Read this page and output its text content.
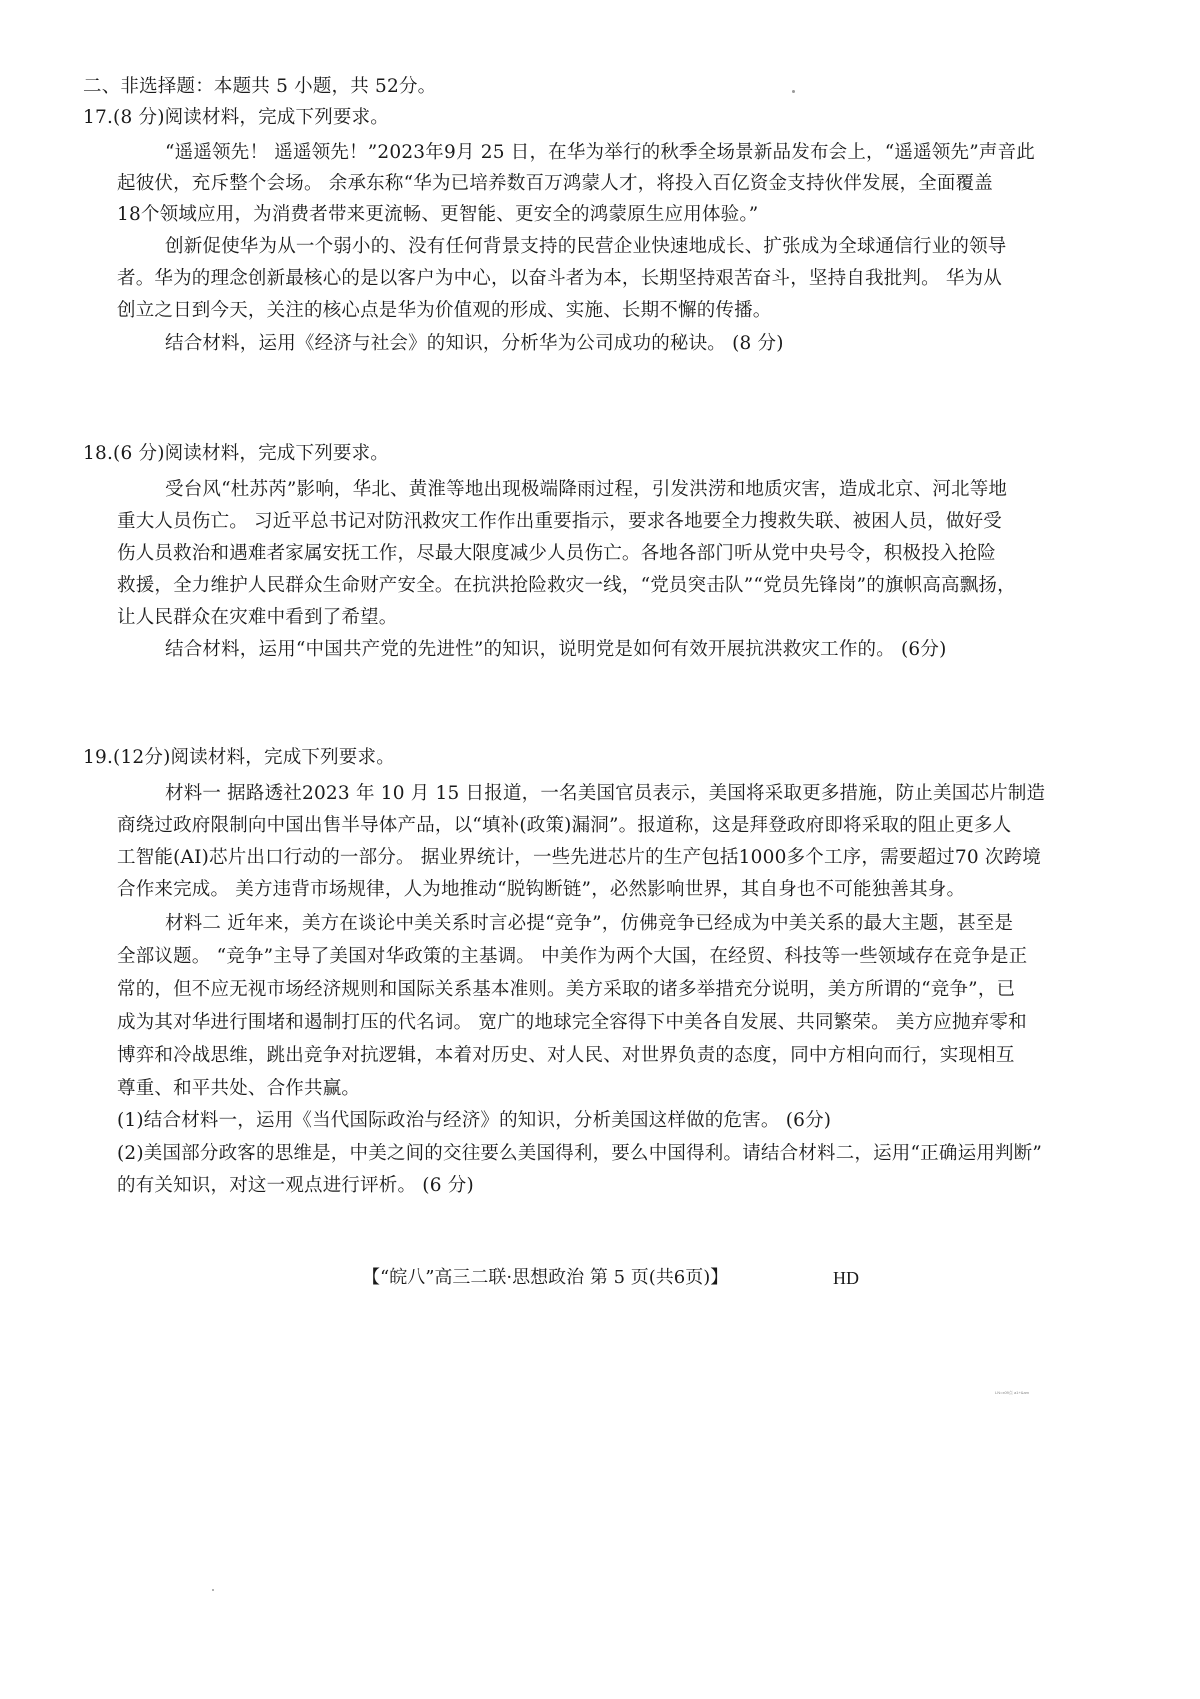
二、非选择题：本题共 5 小题，共 52分。
17.(8 分)阅读材料，完成下列要求。
“遥遥领先！ 遥遥领先！”2023年9月 25 日，在华为举行的秋季全场景新品发布会上，“遥遥领先”声音此
起彼伏，充斥整个会场。 余承东称“华为已培养数百万鸿蒙人才，将投入百亿资金支持伙伴发展，全面覆盖
18个领域应用，为消费者带来更流畅、更智能、更安全的鸿蒙原生应用体验。”
创新促使华为从一个弱小的、没有任何背景支持的民营企业快速地成长、扩张成为全球通信行业的领导
者。华为的理念创新最核心的是以客户为中心，以奋斗者为本，长期坚持艰苦奋斗，坚持自我批判。 华为从
创立之日到今天，关注的核心点是华为价值观的形成、实施、长期不懈的传播。
结合材料，运用《经济与社会》的知识，分析华为公司成功的秘诀。 (8 分)
18.(6 分)阅读材料，完成下列要求。
受台风“杜苏芮”影响，华北、黄淮等地出现极端降雨过程，引发洪涝和地质灾害，造成北京、河北等地
重大人员伤亡。 习近平总书记对防汛救灾工作作出重要指示，要求各地要全力搜救失联、被困人员，做好受
伤人员救治和遇难者家属安抚工作，尽最大限度减少人员伤亡。各地各部门听从党中央号令，积极投入抢险
救援，全力维护人民群众生命财产安全。在抗洪抢险救灾一线，“党员突击队”“党员先锋岗”的旗帜高高飘扬，
让人民群众在灾难中看到了希望。
结合材料，运用“中国共产党的先进性”的知识，说明党是如何有效开展抗洪救灾工作的。 (6分)
19.(12分)阅读材料，完成下列要求。
材料一 据路透社2023 年 10 月 15 日报道，一名美国官员表示，美国将采取更多措施，防止美国芯片制造
商绕过政府限制向中国出售半导体产品，以“填补(政策)漏洞”。报道称，这是拜登政府即将采取的阻止更多人
工智能(AI)芯片出口行动的一部分。 据业界统计，一些先进芯片的生产包括1000多个工序，需要超过70 次跨境
合作来完成。 美方违背市场规律，人为地推动“脱钩断链”，必然影响世界，其自身也不可能独善其身。
材料二 近年来，美方在谈论中美关系时言必提“竞争”，仿佛竞争已经成为中美关系的最大主题，甚至是
全部议题。 “竞争”主导了美国对华政策的主基调。 中美作为两个大国，在经贸、科技等一些领域存在竞争是正
常的，但不应无视市场经济规则和国际关系基本准则。美方采取的诸多举措充分说明，美方所谓的“竞争”，已
成为其对华进行围堵和遏制打压的代名词。 宽广的地球完全容得下中美各自发展、共同繁荣。 美方应抛弃零和
博弈和冷战思维，跳出竞争对抗逻辑，本着对历史、对人民、对世界负责的态度，同中方相向而行，实现相互
尊重、和平共处、合作共赢。
(1)结合材料一，运用《当代国际政治与经济》的知识，分析美国这样做的危害。 (6分)
(2)美国部分政客的思维是，中美之间的交往要么美国得利，要么中国得利。请结合材料二，运用“正确运用判断”
的有关知识，对这一观点进行评析。 (6 分)
【“皖八”高三二联·思想政治 第 5 页(共6页)】	HD
LN=x09点 a1+&am
